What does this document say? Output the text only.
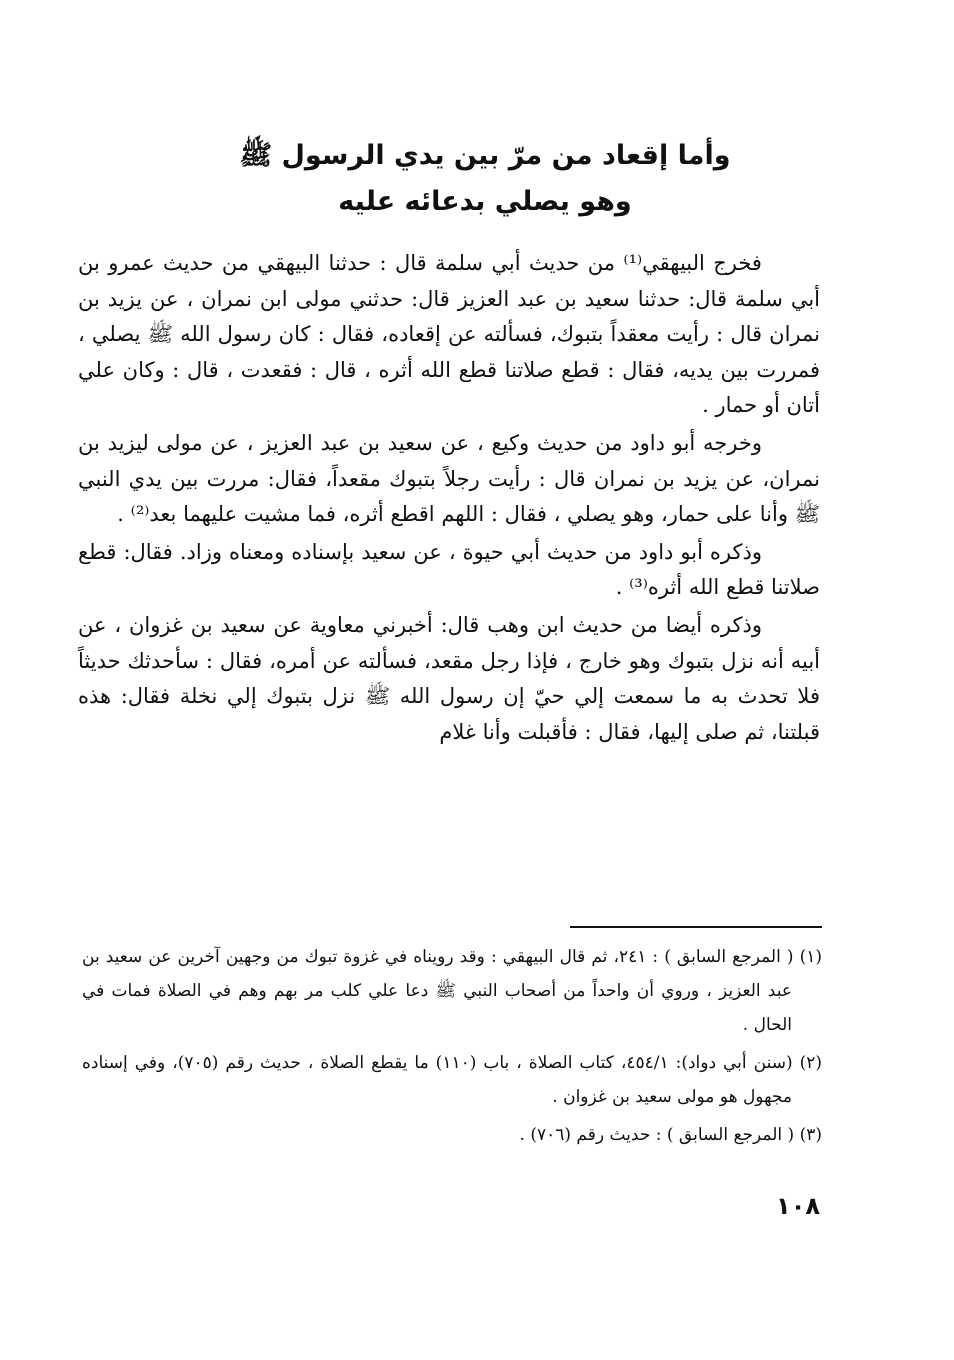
وأما إقعاد من مرّ بين يدي الرسول ﷺ
وهو يصلي بدعائه عليه

فخرج البيهقي⁽¹⁾ من حديث أبي سلمة قال : حدثنا البيهقي من حديث عمرو بن أبي سلمة قال: حدثنا سعيد بن عبد العزيز قال: حدثني مولى ابن نمران ، عن يزيد بن نمران قال : رأيت معقداً بتبوك، فسألته عن إقعاده، فقال : كان رسول الله ﷺ يصلي ، فمررت بين يديه، فقال : قطع صلاتنا قطع الله أثره ، قال : فقعدت ، قال : وكان علي أتان أو حمار .

وخرجه أبو داود من حديث وكيع ، عن سعيد بن عبد العزيز ، عن مولى ليزيد بن نمران، عن يزيد بن نمران قال : رأيت رجلاً بتبوك مقعداً، فقال: مررت بين يدي النبي ﷺ وأنا على حمار، وهو يصلي ، فقال : اللهم اقطع أثره، فما مشيت عليهما بعد⁽²⁾ .

وذكره أبو داود من حديث أبي حيوة ، عن سعيد بإسناده ومعناه وزاد. فقال: قطع صلاتنا قطع الله أثره⁽³⁾ .

وذكره أيضا من حديث ابن وهب قال: أخبرني معاوية عن سعيد بن غزوان ، عن أبيه أنه نزل بتبوك وهو خارج ، فإذا رجل مقعد، فسألته عن أمره، فقال : سأحدثك حديثاً فلا تحدث به ما سمعت إلي حيّ إن رسول الله ﷺ نزل بتبوك إلي نخلة فقال: هذه قبلتنا، ثم صلى إليها، فقال : فأقبلت وأنا غلام

(١) ( المرجع السابق ) : ٢٤١، ثم قال البيهقي : وقد رويناه في غزوة تبوك من وجهين آخرين عن سعيد بن عبد العزيز ، وروي أن واحداً من أصحاب النبي ﷺ دعا علي كلب مر بهم وهم في الصلاة فمات في الحال .

(٢) (سنن أبي دواد): ٤٥٤/١، كتاب الصلاة ، باب (١١٠) ما يقطع الصلاة ، حديث رقم (٧٠٥)، وفي إسناده مجهول هو مولى سعيد بن غزوان .

(٣) ( المرجع السابق ) : حديث رقم (٧٠٦) .

١٠٨
